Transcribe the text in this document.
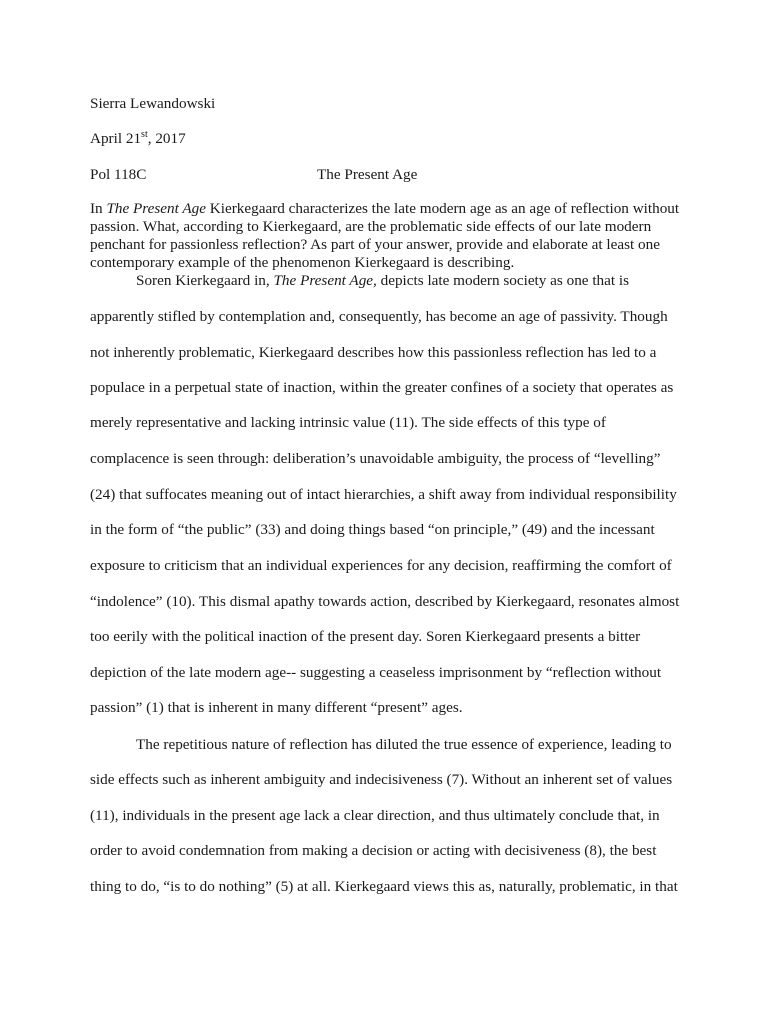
Sierra Lewandowski
April 21st, 2017
Pol 118C	The Present Age

In The Present Age Kierkegaard characterizes the late modern age as an age of reflection without

passion. What, according to Kierkegaard, are the problematic side effects of our late modern

penchant for passionless reflection? As part of your answer, provide and elaborate at least one

contemporary example of the phenomenon Kierkegaard is describing.

Soren Kierkegaard in, The Present Age, depicts late modern society as one that is
apparently stifled by contemplation and, consequently, has become an age of passivity. Though
not inherently problematic, Kierkegaard describes how this passionless reflection has led to a
populace in a perpetual state of inaction, within the greater confines of a society that operates as
merely representative and lacking intrinsic value (11). The side effects of this type of
complacence is seen through: deliberation’s unavoidable ambiguity, the process of “levelling”
(24) that suffocates meaning out of intact hierarchies, a shift away from individual responsibility
in the form of “the public” (33) and doing things based “on principle,” (49) and the incessant
exposure to criticism that an individual experiences for any decision, reaffirming the comfort of
“indolence” (10). This dismal apathy towards action, described by Kierkegaard, resonates almost
too eerily with the political inaction of the present day. Soren Kierkegaard presents a bitter
depiction of the late modern age-- suggesting a ceaseless imprisonment by “reflection without
passion” (1) that is inherent in many different “present” ages.
The repetitious nature of reflection has diluted the true essence of experience, leading to
side effects such as inherent ambiguity and indecisiveness (7). Without an inherent set of values
(11), individuals in the present age lack a clear direction, and thus ultimately conclude that, in
order to avoid condemnation from making a decision or acting with decisiveness (8), the best
thing to do, “is to do nothing” (5) at all. Kierkegaard views this as, naturally, problematic, in that
